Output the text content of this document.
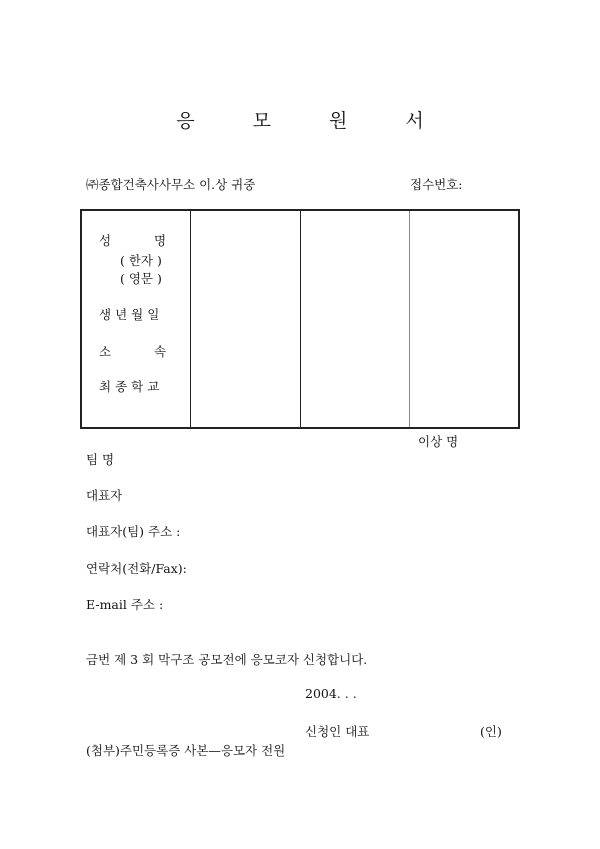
응 모 원 서
㈜종합건축사사무소 이.상 귀중	접수번호:
성	명
( 한자 )
( 영문 )
생년월일
소	속
최종학교
이상 명
팀 명
대표자
대표자(팀) 주소 :
연락처(전화/Fax):
E-mail 주소 :
금번 제 3 회 막구조 공모전에 응모코자 신청합니다.
2004. . .
신청인 대표	(인)
(첨부)주민등록증 사본—응모자 전원
